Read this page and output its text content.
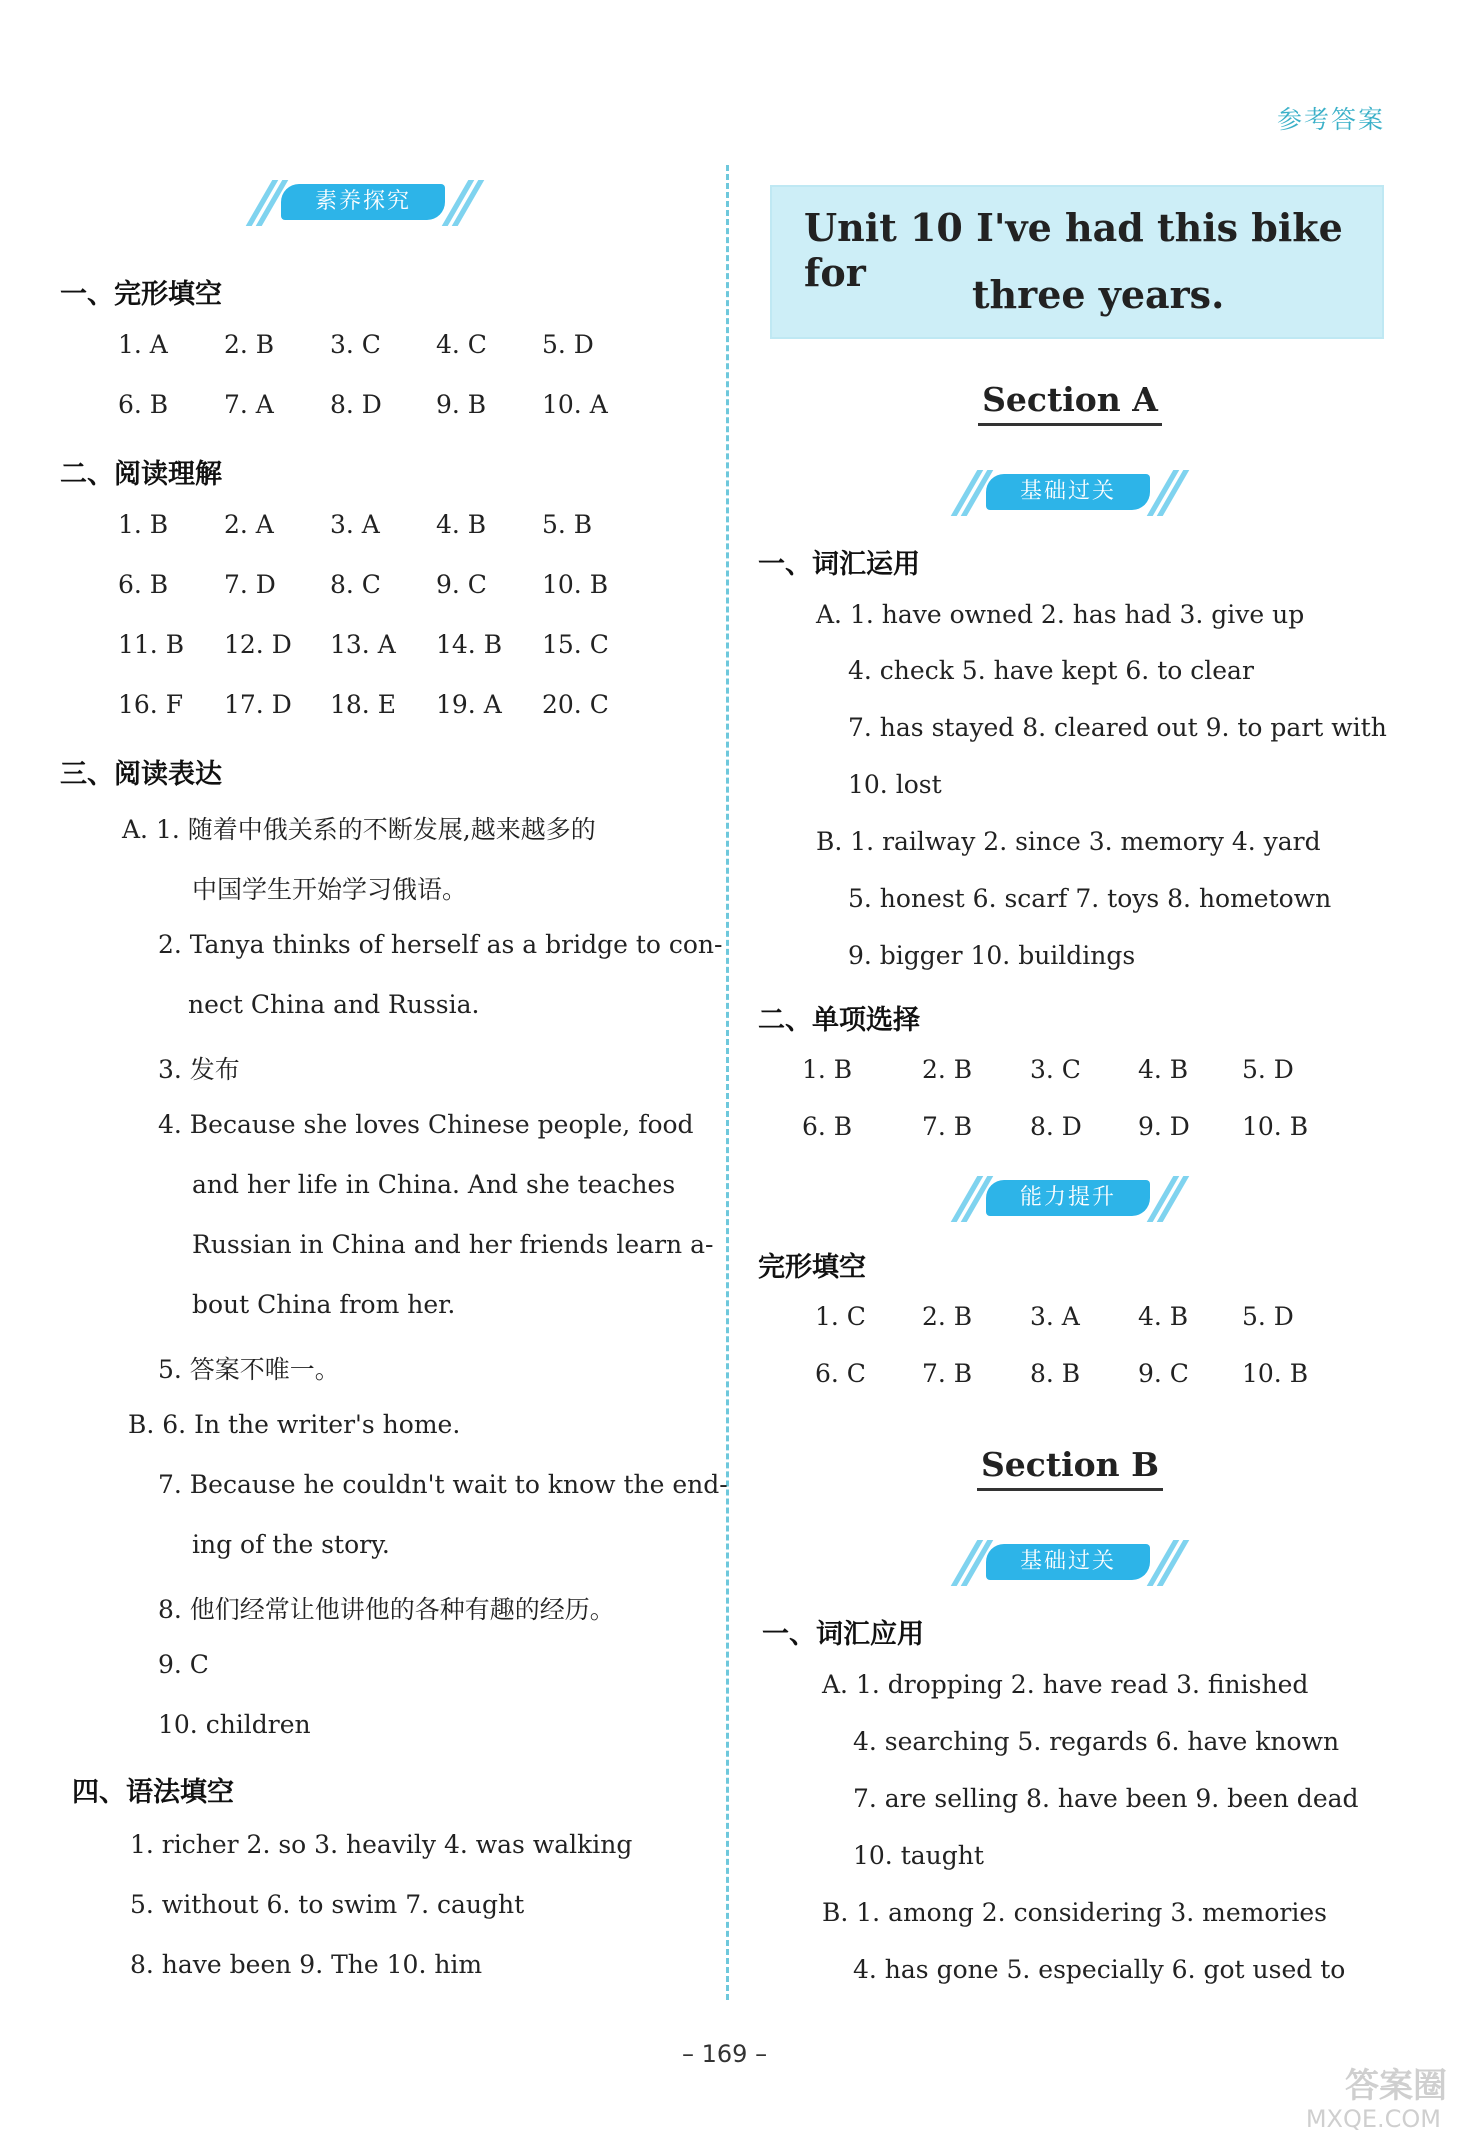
参考答案
素养探究
一、完形填空
1. A 2. B 3. C 4. C 5. D
6. B 7. A 8. D 9. B 10. A
二、阅读理解
1. B 2. A 3. A 4. B 5. B
6. B 7. D 8. C 9. C 10. B
11. B 12. D 13. A 14. B 15. C
16. F 17. D 18. E 19. A 20. C
三、阅读表达
A. 1. 随着中俄关系的不断发展,越来越多的
中国学生开始学习俄语。
2. Tanya thinks of herself as a bridge to con-
nect China and Russia.
3. 发布
4. Because she loves Chinese people, food
and her life in China. And she teaches
Russian in China and her friends learn a-
bout China from her.
5. 答案不唯一。
B. 6. In the writer's home.
7. Because he couldn't wait to know the end-
ing of the story.
8. 他们经常让他讲他的各种有趣的经历。
9. C
10. children
四、语法填空
1. richer 2. so 3. heavily 4. was walking
5. without 6. to swim 7. caught
8. have been 9. The 10. him
Unit 10 I've had this bike for	three years.
Section A
基础过关
一、词汇运用
A. 1. have owned 2. has had 3. give up
4. check 5. have kept 6. to clear
7. has stayed 8. cleared out 9. to part with
10. lost
B. 1. railway 2. since 3. memory 4. yard
5. honest 6. scarf 7. toys 8. hometown
9. bigger 10. buildings
二、单项选择
1. B	2. B 3. C 4. B 5. D
6. B	7. B 8. D 9. D 10. B
能力提升
完形填空
1. C 2. B 3. A 4. B 5. D
6. C 7. B 8. B 9. C 10. B
Section B
基础过关
一、词汇应用
A. 1. dropping 2. have read 3. finished
4. searching 5. regards 6. have known
7. are selling 8. have been 9. been dead
10. taught
B. 1. among 2. considering 3. memories
4. has gone 5. especially 6. got used to
– 169 –
答案圈
MXQE.COM
